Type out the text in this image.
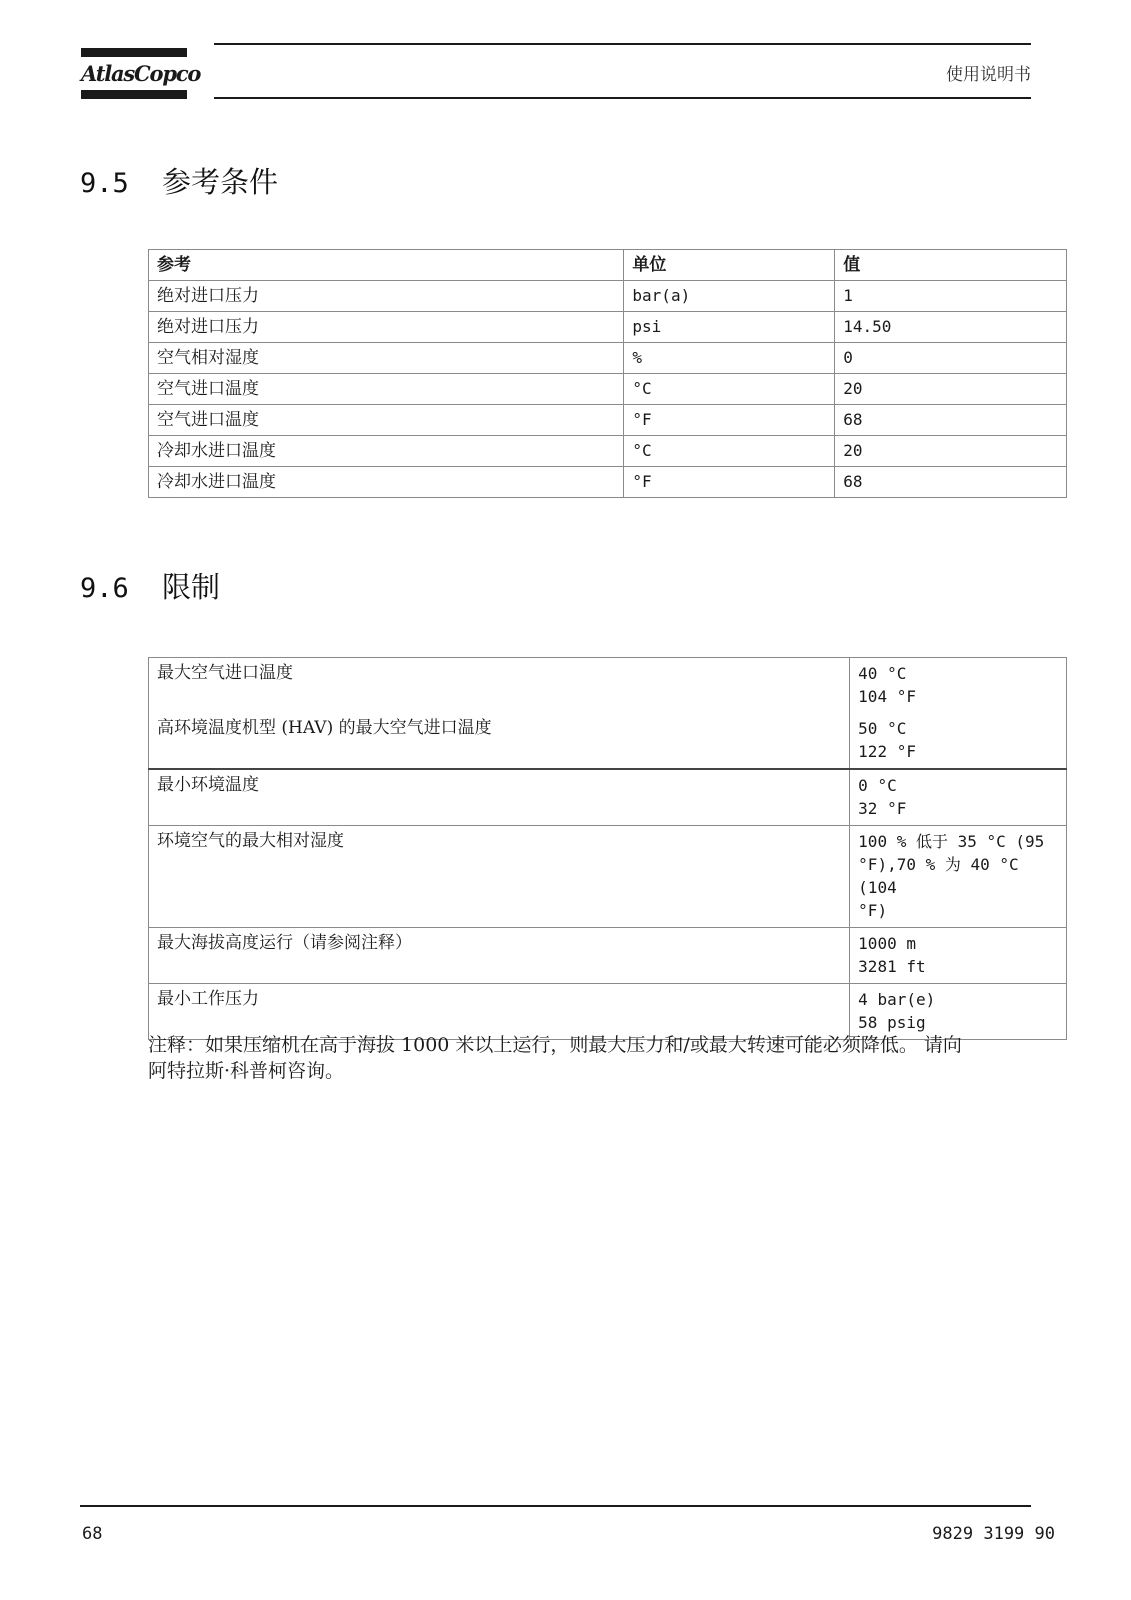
AtlasCopco	使用说明书
9.5 参考条件
参考	单位	值
绝对进口压力	bar(a)	1
绝对进口压力	psi	14.50
空气相对湿度	%	0
空气进口温度	°C	20
空气进口温度	°F	68
冷却水进口温度	°C	20
冷却水进口温度	°F	68
9.6 限制
最大空气进口温度	40 °C
104 °F

高环境温度机型 (HAV) 的最大空气进口温度	50 °C
122 °F

最小环境温度	0 °C
32 °F

环境空气的最大相对湿度	100 % 低于 35 °C (95
°F),70 % 为 40 °C (104
°F)

最大海拔高度运行（请参阅注释）	1000 m
3281 ft

最小工作压力	4 bar(e)
58 psig
注释：如果压缩机在高于海拔 1000 米以上运行，则最大压力和/或最大转速可能必须降低。 请向
阿特拉斯·科普柯咨询。
68	9829 3199 90
